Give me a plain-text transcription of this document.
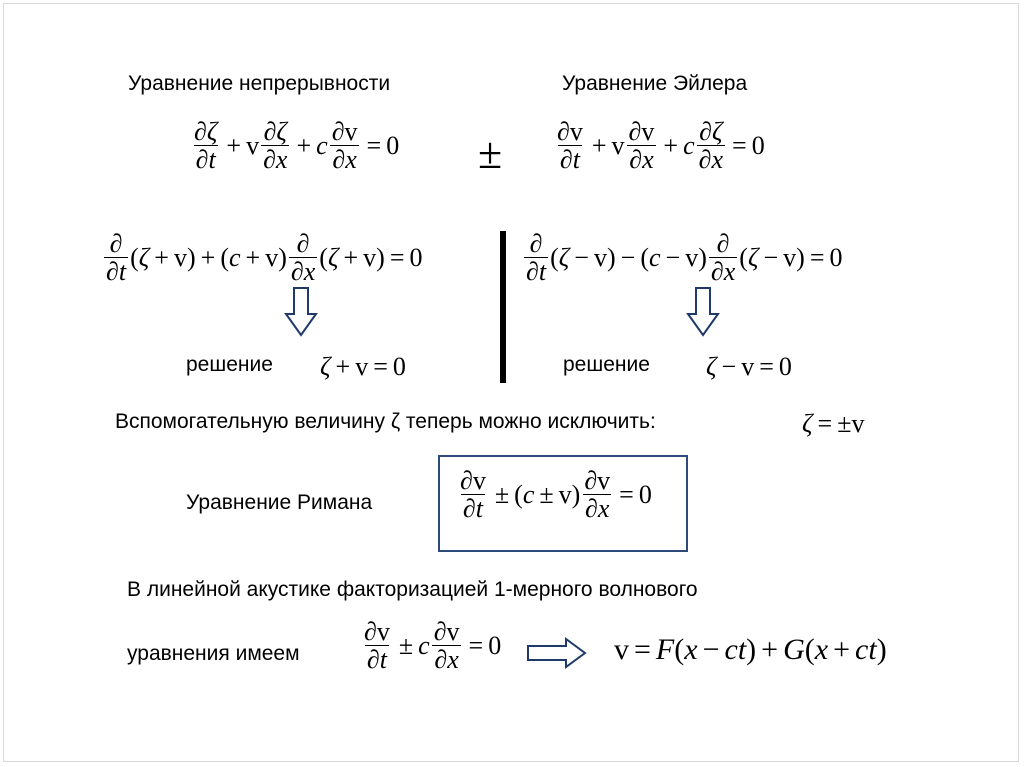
Уравнение непрерывности	Уравнение Эйлера
$\frac{\partial\zeta}{\partial t} + v \frac{\partial\zeta}{\partial x} + c \frac{\partial v}{\partial x} = 0 \pm \frac{\partial v}{\partial t} + v \frac{\partial v}{\partial x} + c \frac{\partial\zeta}{\partial x} = 0$
$\frac{\partial}{\partial t}$ ( ζ + v ) + ( c + v ) $\frac{\partial}{\partial x}$ ( ζ + v ) = 0	$\frac{\partial}{\partial t}$ ( ζ − v ) − ( c − v ) $\frac{\partial}{\partial x}$ ( ζ − v ) = 0
решение ζ + v = 0	решение ζ − v = 0
Вспомогательную величину ζ теперь можно исключить:	ζ = ± v
Уравнение Римана	$\frac{\partial v}{\partial t}$ ± ( c ± v ) $\frac{\partial v}{\partial x} = 0$
В линейной акустике факторизацией 1-мерного волнового
уравнения имеем $\frac{\partial v}{\partial t} \pm c \frac{\partial v}{\partial x} = 0$	v = F ( x − c t ) + G ( x + c t )
